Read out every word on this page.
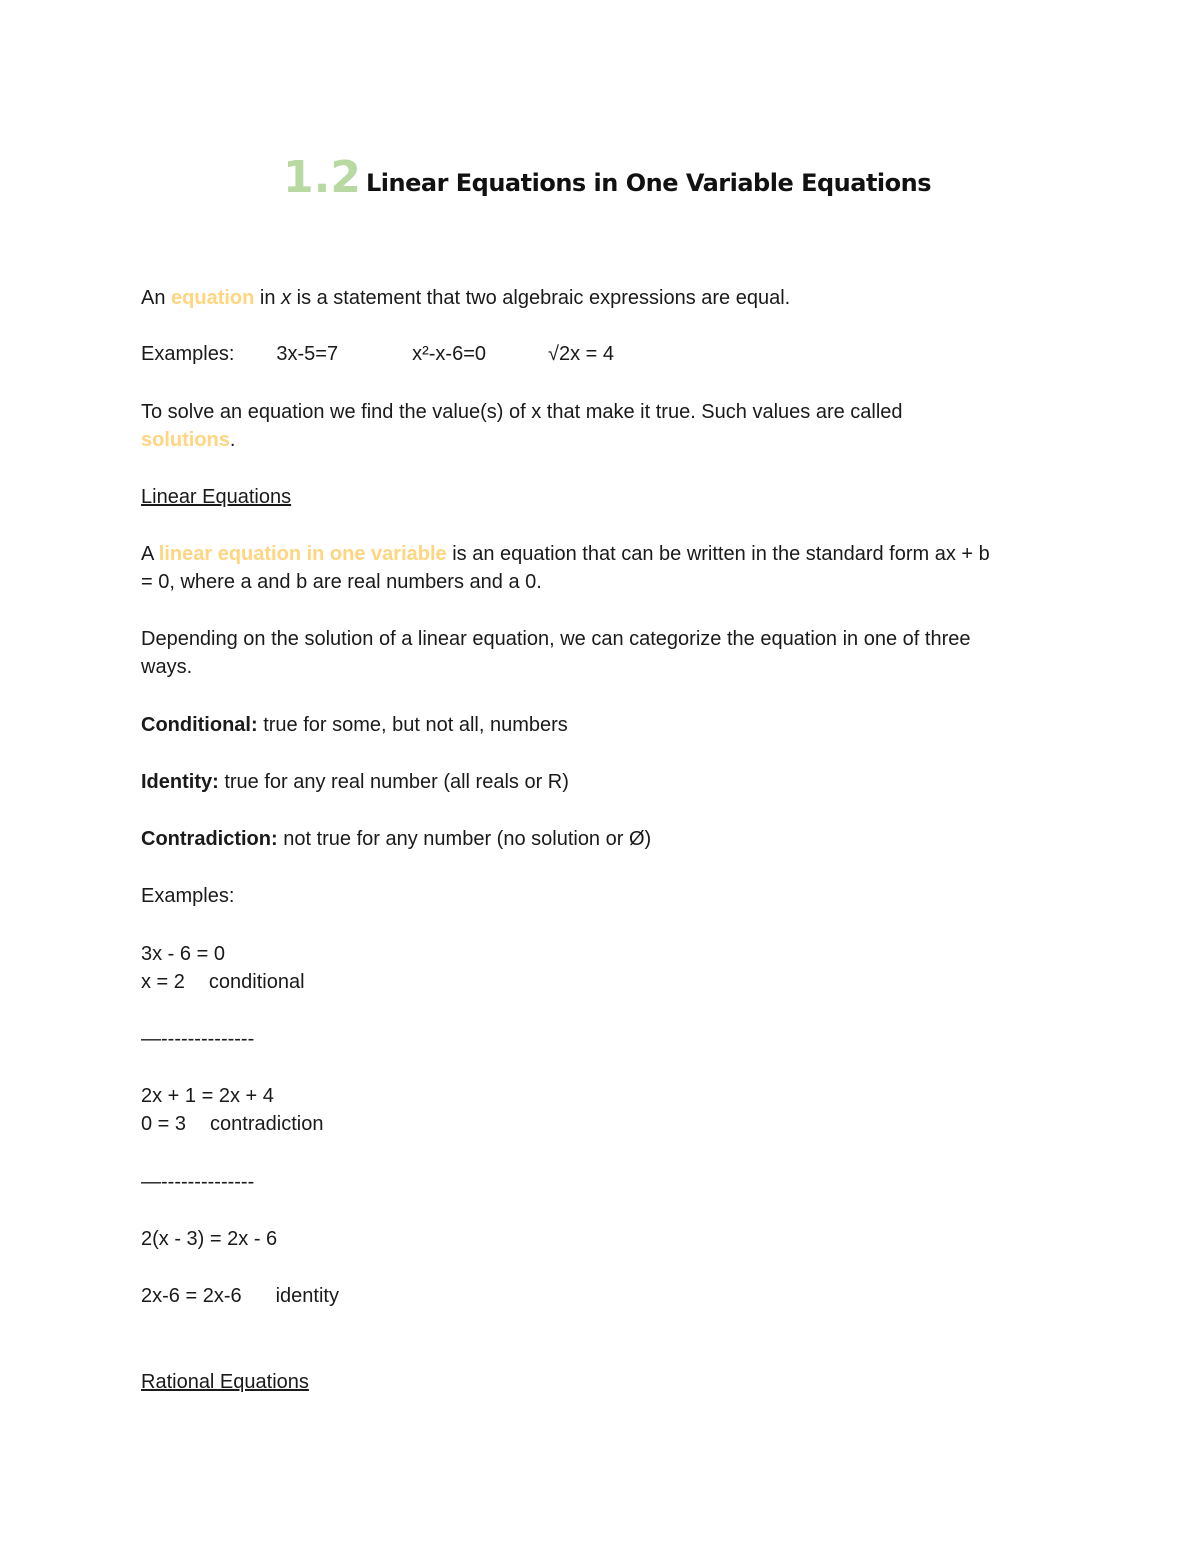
1.2 Linear Equations in One Variable Equations
An equation in x is a statement that two algebraic expressions are equal.
Examples: 3x-5=7	x²-x-6=0	√2x = 4
To solve an equation we find the value(s) of x that make it true. Such values are called
solutions.
Linear Equations
A linear equation in one variable is an equation that can be written in the standard form ax + b
= 0, where a and b are real numbers and a 0.
Depending on the solution of a linear equation, we can categorize the equation in one of three
ways.
Conditional: true for some, but not all, numbers
Identity: true for any real number (all reals or R)
Contradiction: not true for any number (no solution or Ø)
Examples:
3x - 6 = 0
x = 2 conditional
—--------------
2x + 1 = 2x + 4
0 = 3 contradiction
—--------------
2(x - 3) = 2x - 6
2x-6 = 2x-6 identity
Rational Equations
